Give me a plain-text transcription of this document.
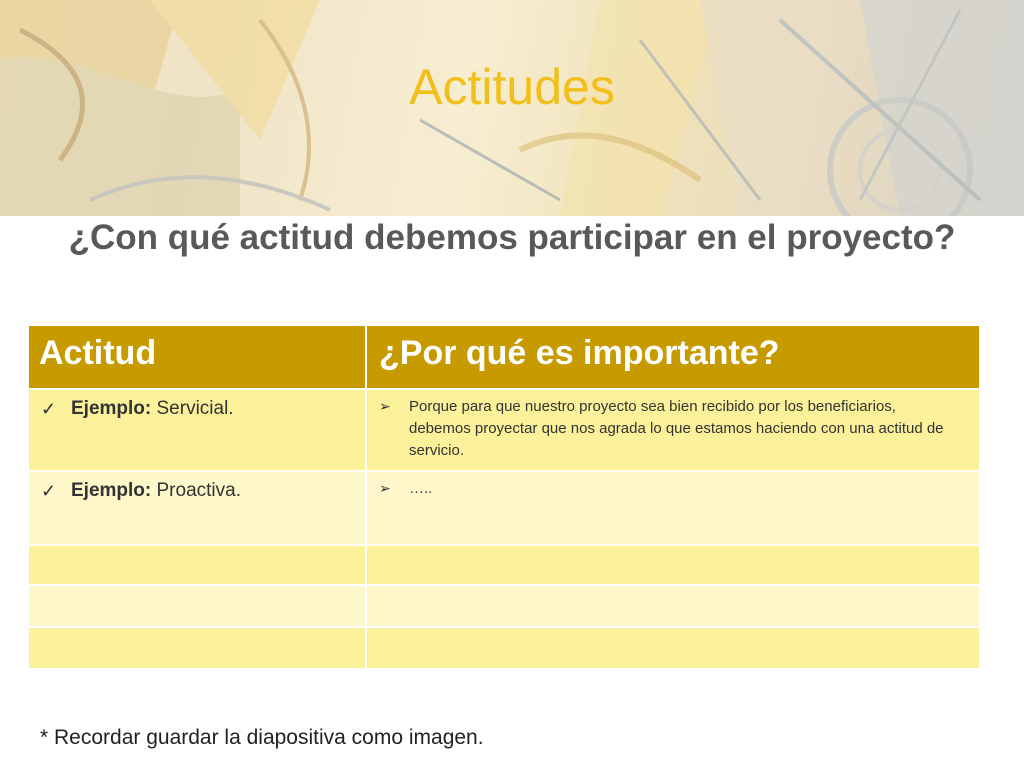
Actitudes
¿Con qué actitud debemos participar en el proyecto?
Actitud	¿Por qué es importante?
✓ Ejemplo: Servicial.	➢	Porque para que nuestro proyecto sea bien recibido por los beneficiarios, debemos proyectar que nos agrada lo que estamos haciendo con una actitud de servicio.
✓ Ejemplo: Proactiva.	➢	…..
* Recordar guardar la diapositiva como imagen.
